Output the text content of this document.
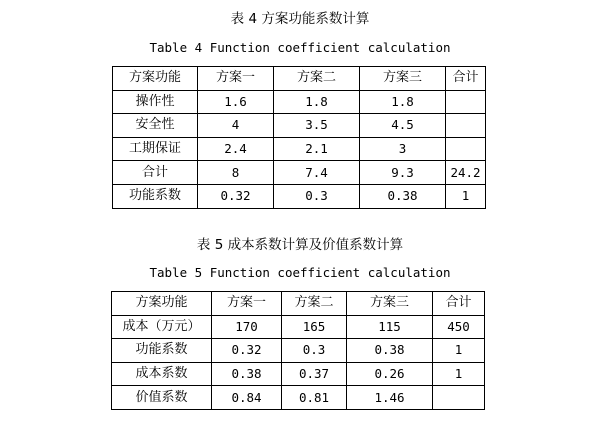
表 4 方案功能系数计算
Table 4 Function coefficient calculation
方案功能	方案一	方案二	方案三	合计
操作性	1.6	1.8	1.8	
安全性	4	3.5	4.5	
工期保证	2.4	2.1	3	
合计	8	7.4	9.3	24.2
功能系数	0.32	0.3	0.38	1
表 5 成本系数计算及价值系数计算
Table 5 Function coefficient calculation
方案功能	方案一	方案二	方案三	合计
成本（万元）	170	165	115	450
功能系数	0.32	0.3	0.38	1
成本系数	0.38	0.37	0.26	1
价值系数	0.84	0.81	1.46	
